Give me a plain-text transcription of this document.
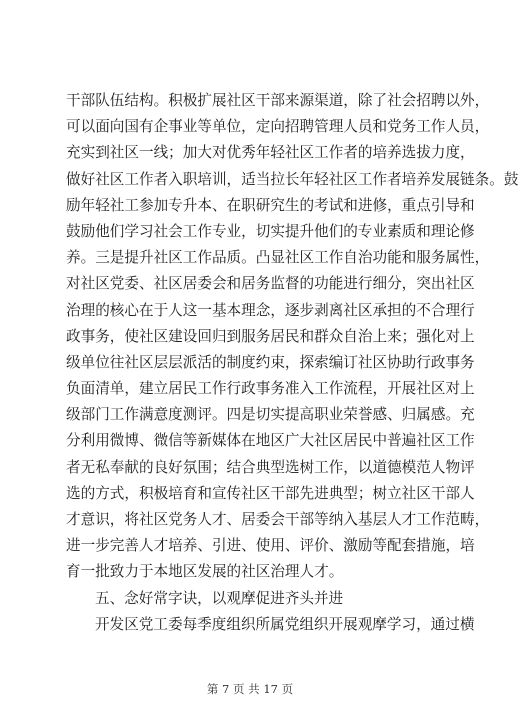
干部队伍结构。积极扩展社区干部来源渠道，除了社会招聘以外，
可以面向国有企事业等单位，定向招聘管理人员和党务工作人员，
充实到社区一线；加大对优秀年轻社区工作者的培养选拔力度，
做好社区工作者入职培训，适当拉长年轻社区工作者培养发展链条。鼓
励年轻社工参加专升本、在职研究生的考试和进修，重点引导和
鼓励他们学习社会工作专业，切实提升他们的专业素质和理论修
养。三是提升社区工作品质。凸显社区工作自治功能和服务属性，
对社区党委、社区居委会和居务监督的功能进行细分，突出社区
治理的核心在于人这一基本理念，逐步剥离社区承担的不合理行
政事务，使社区建设回归到服务居民和群众自治上来；强化对上
级单位往社区层层派活的制度约束，探索编订社区协助行政事务
负面清单，建立居民工作行政事务准入工作流程，开展社区对上
级部门工作满意度测评。四是切实提高职业荣誉感、归属感。充
分利用微博、微信等新媒体在地区广大社区居民中普遍社区工作
者无私奉献的良好氛围；结合典型选树工作，以道德模范人物评
选的方式，积极培育和宣传社区干部先进典型；树立社区干部人
才意识，将社区党务人才、居委会干部等纳入基层人才工作范畴，
进一步完善人才培养、引进、使用、评价、激励等配套措施，培
育一批致力于本地区发展的社区治理人才。
五、念好常字诀，以观摩促进齐头并进
开发区党工委每季度组织所属党组织开展观摩学习，通过横
第 7 页 共 17 页
